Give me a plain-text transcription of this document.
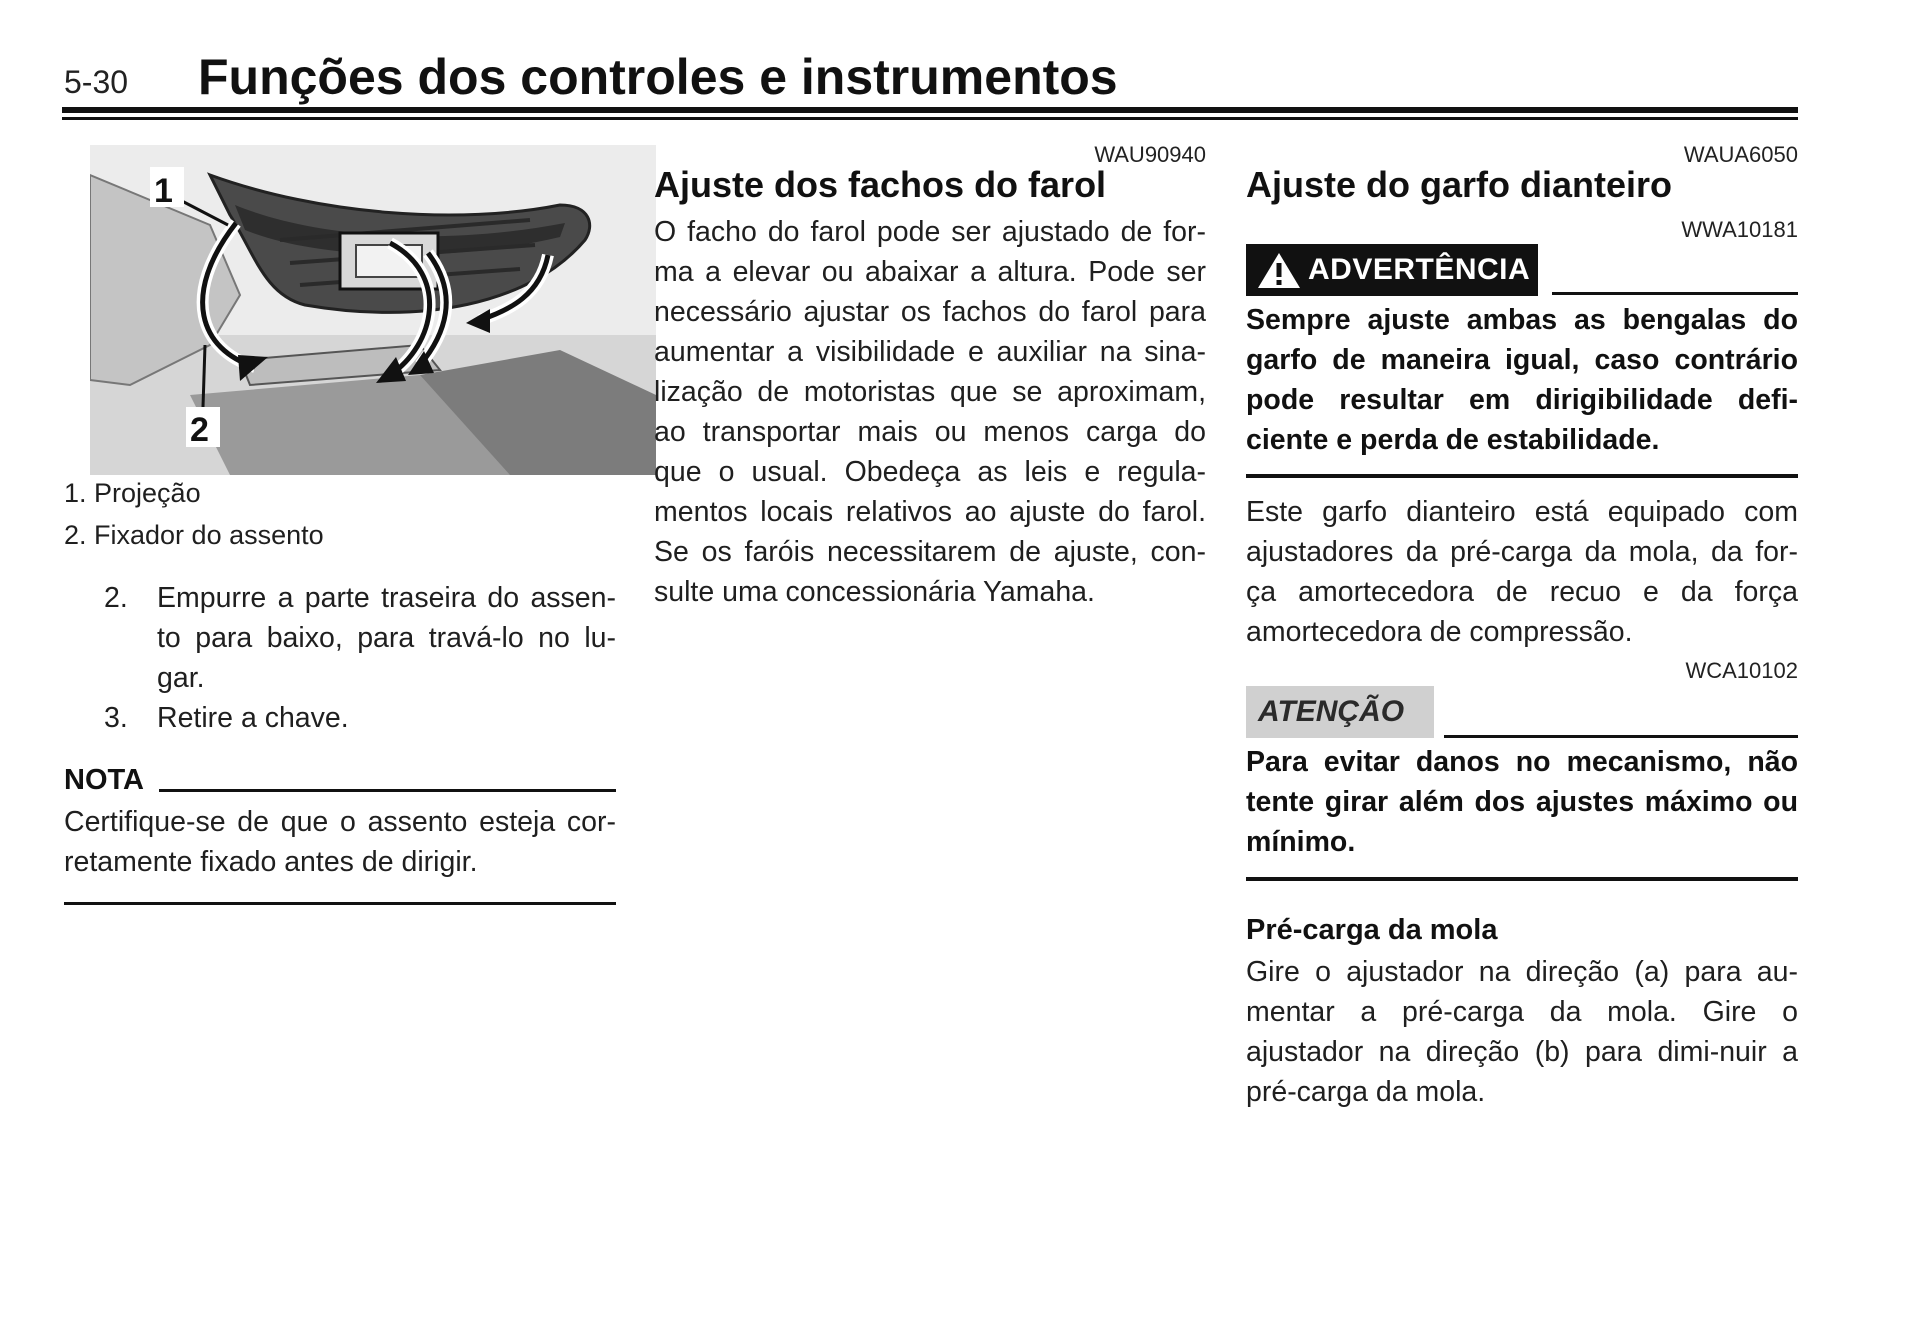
5-30 Funções dos controles e instrumentos
1
2
1. Projeção
2. Fixador do assento
2. Empurre a parte traseira do assen-to para baixo, para travá-lo no lu-gar.

3. Retire a chave.

NOTA

Certifique-se de que o assento esteja cor-retamente fixado antes de dirigir.

WAU90940
Ajuste dos fachos do farol

O facho do farol pode ser ajustado de for-ma a elevar ou abaixar a altura. Pode ser necessário ajustar os fachos do farol para aumentar a visibilidade e auxiliar na sina-lização de motoristas que se aproximam, ao transportar mais ou menos carga do que o usual. Obedeça as leis e regula-mentos locais relativos ao ajuste do farol. Se os faróis necessitarem de ajuste, con-sulte uma concessionária Yamaha.

WAUA6050
Ajuste do garfo dianteiro
WWA10181
ADVERTÊNCIA

Sempre ajuste ambas as bengalas do garfo de maneira igual, caso contrário pode resultar em dirigibilidade defi-ciente e perda de estabilidade.

Este garfo dianteiro está equipado com ajustadores da pré-carga da mola, da for-ça amortecedora de recuo e da força amortecedora de compressão.

WCA10102
ATENÇÃO

Para evitar danos no mecanismo, não tente girar além dos ajustes máximo ou mínimo.

Pré-carga da mola

Gire o ajustador na direção (a) para au-mentar a pré-carga da mola. Gire o ajustador na direção (b) para dimi-nuir a pré-carga da mola.
